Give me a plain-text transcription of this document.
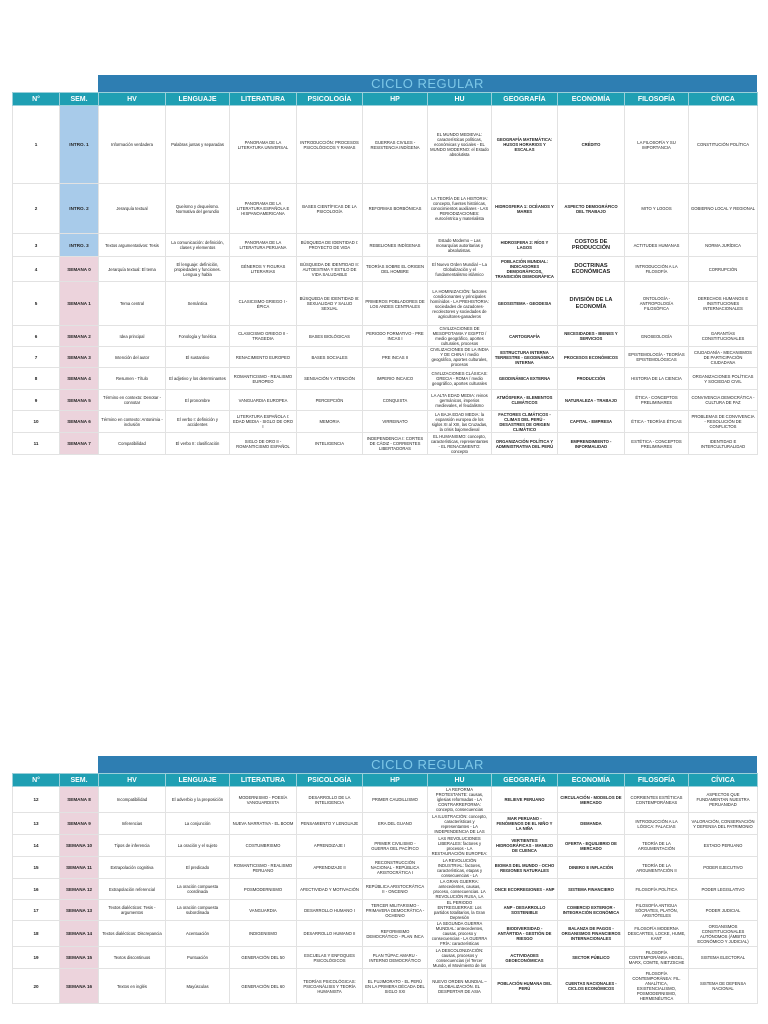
CICLO REGULAR
N°	SEM.	HV	LENGUAJE	LITERATURA	PSICOLOGÍA	HP	HU	GEOGRAFÍA	ECONOMÍA	FILOSOFÍA	CÍVICA
1	INTRO. 1	Información verdadera	Palabras juntas y separadas	PANORAMA DE LA LITERATURA UNIVERSAL	INTRODUCCIÓN: PROCESOS PSICOLÓGICOS Y RAMAS	GUERRAS CIVILES - RESISTENCIA INDÍGENA	EL MUNDO MEDIEVAL: características políticas, económicas y sociales - EL MUNDO MODERNO: el Estado absolutista	GEOGRAFÍA MATEMÁTICA: HUSOS HORARIOS Y ESCALAS	CRÉDITO	LA FILOSOFÍA Y SU IMPORTANCIA	CONSTITUCIÓN POLÍTICA
2	INTRO. 2	Jerarquía textual	Queísmo y dequeísmo. Normativa del gerundio	PANORAMA DE LA LITERATURA ESPAÑOLA E HISPANOAMERICANA	BASES CIENTÍFICAS DE LA PSICOLOGÍA	REFORMAS BORBÓNICAS	LA TEORÍA DE LA HISTORIA: concepto, fuentes históricas, conocimientos auxiliares - LAS PERIODIZACIONES: eurocéntrica y materialista	HIDROSFERA 1: OCÉANOS Y MARES	ASPECTO DEMOGRÁFICO DEL TRABAJO	MITO Y LOGOS	GOBIERNO LOCAL Y REGIONAL
3	INTRO. 3	Textos argumentativos: Tesis	La comunicación: definición, clases y elementos	PANORAMA DE LA LITERATURA PERUANA	BÚSQUEDA DE IDENTIDAD I: PROYECTO DE VIDA	REBELIONES INDÍGENAS	Estado Moderno – Las monarquías autoritarias y absolutistas.	HIDROSFERA 2: RÍOS Y LAGOS	COSTOS DE PRODUCCIÓN	ACTITUDES HUMANAS	NORMA JURÍDICA
4	SEMANA 0	Jerarquía textual: El tema	El lenguaje: definición, propiedades y funciones. Lengua y habla	GÉNEROS Y FIGURAS LITERARIAS	BÚSQUEDA DE IDENTIDAD II: AUTOESTIMA Y ESTILO DE VIDA SALUDABLE	TEORÍAS SOBRE EL ORIGEN DEL HOMBRE	El Nuevo Orden Mundial – La Globalización y el fundamentalismo islámico	POBLACIÓN MUNDIAL: INDICADORES DEMOGRÁFICOS, TRANSICIÓN DEMOGRÁFICA	DOCTRINAS ECONÓMICAS	INTRODUCCIÓN A LA FILOSOFÍA	CORRUPCIÓN
5	SEMANA 1	Tema central	Semántica	CLASICISMO GRIEGO I - ÉPICA	BÚSQUEDA DE IDENTIDAD III: SEXUALIDAD Y SALUD SEXUAL	PRIMEROS POBLADORES DE LOS ANDES CENTRALES	LA HOMINIZACIÓN: factores condicionantes y principales homínidos - LA PREHISTORIA: sociedades de cazadores-recolectores y sociedades de agricultores-ganaderos	GEOSISTEMA - GEODESIA	DIVISIÓN DE LA ECONOMÍA	ONTOLOGÍA - ANTROPOLOGÍA FILOSÓFICA	DERECHOS HUMANOS E INSTITUCIONES INTERNACIONALES
6	SEMANA 2	Idea principal	Fonología y fonética	CLASICISMO GRIEGO II - TRAGEDIA	BASES BIOLÓGICAS	PERIODO FORMATIVO - PRE INCAS I	CIVILIZACIONES DE MESOPOTAMIA Y EGIPTO / medio geográfico, aportes culturales, procesos	CARTOGRAFÍA	NECESIDADES - BIENES Y SERVICIOS	GNOSEOLOGÍA	GARANTÍAS CONSTITUCIONALES
7	SEMANA 3	Intención del autor	El sustantivo	RENACIMIENTO EUROPEO	BASES SOCIALES	PRE INCAS II	CIVILIZACIONES DE LA INDIA Y DE CHINA / medio geográfico, aportes culturales, procesos	ESTRUCTURA INTERNA TERRESTRE - GEODINÁMICA INTERNA	PROCESOS ECONÓMICOS	EPISTEMOLOGÍA - TEORÍAS EPISTEMOLÓGICAS	CIUDADANÍA - MECANISMOS DE PARTICIPACIÓN CIUDADANA
8	SEMANA 4	Resumen - Título	El adjetivo y los determinantes	ROMANTICISMO - REALISMO EUROPEO	SENSACIÓN Y ATENCIÓN	IMPERIO INCAICO	CIVILIZACIONES CLÁSICAS: GRECIA - ROMA / medio geográfico, aportes culturales	GEODINÁMICA EXTERNA	PRODUCCIÓN	HISTORIA DE LA CIENCIA	ORGANIZACIONES POLÍTICAS Y SOCIEDAD CIVIL
9	SEMANA 5	Término en contexto: Denotar - connotar	El pronombre	VANGUARDIA EUROPEA	PERCEPCIÓN	CONQUISTA	LA ALTA EDAD MEDIA: reinos germánicos, imperios medievales, el feudalismo	ATMÓSFERA - ELEMENTOS CLIMÁTICOS	NATURALEZA - TRABAJO	ÉTICA - CONCEPTOS PRELIMINARES	CONVIVENCIA DEMOCRÁTICA - CULTURA DE PAZ
10	SEMANA 6	Término en contexto: Antonimia - inclusión	El verbo I: definición y accidentes	LITERATURA ESPAÑOLA I: EDAD MEDIA - SIGLO DE ORO I	MEMORIA	VIRREINATO	LA BAJA EDAD MEDIA: la expansión europea de los siglos XI al XIII, las Cruzadas, la crisis bajomedieval	FACTORES CLIMÁTICOS - CLIMAS DEL PERÚ - DESASTRES DE ORIGEN CLIMÁTICO	CAPITAL - EMPRESA	ÉTICA - TEORÍAS ÉTICAS	PROBLEMAS DE CONVIVENCIA - RESOLUCIÓN DE CONFLICTOS
11	SEMANA 7	Compatibilidad	El verbo II: clasificación	SIGLO DE ORO II - ROMANTICISMO ESPAÑOL	INTELIGENCIA	INDEPENDENCIA I: CORTES DE CÁDIZ - CORRIENTES LIBERTADORAS	EL HUMANISMO: concepto, características, representantes - EL RENACIMIENTO: concepto	ORGANIZACIÓN POLÍTICA Y ADMINISTRATIVA DEL PERÚ	EMPRENDIMIENTO - INFORMALIDAD	ESTÉTICA - CONCEPTOS PRELIMINARES	IDENTIDAD E INTERCULTURALIDAD
CICLO REGULAR
N°	SEM.	HV	LENGUAJE	LITERATURA	PSICOLOGÍA	HP	HU	GEOGRAFÍA	ECONOMÍA	FILOSOFÍA	CÍVICA
12	SEMANA 8	Incompatibilidad	El adverbio y la preposición	MODERNISMO - POESÍA VANGUARDISTA	DESARROLLO DE LA INTELIGENCIA	PRIMER CAUDILLISMO	LA REFORMA PROTESTANTE: causas, iglesias reformadas - LA CONTRARREFORMA: concepto, consecuencias	RELIEVE PERUANO	CIRCULACIÓN - MODELOS DE MERCADO	CORRIENTES ESTÉTICAS CONTEMPORÁNEAS	ASPECTOS QUE FUNDAMENTAN NUESTRA PERUANIDAD
13	SEMANA 9	Inferencias	La conjunción	NUEVA NARRATIVA - EL BOOM	PENSAMIENTO Y LENGUAJE	ERA DEL GUANO	LA ILUSTRACIÓN: concepto, características y representantes - LA INDEPENDENCIA DE LAS	MAR PERUANO - FENÓMENOS DE EL NIÑO Y LA NIÑA	DEMANDA	INTRODUCCIÓN A LA LÓGICA: FALACIAS	VALORACIÓN, CONSERVACIÓN Y DEFENSA DEL PATRIMONIO
14	SEMANA 10	Tipos de inferencia	La oración y el sujeto	COSTUMBRISMO	APRENDIZAJE I	PRIMER CIVILISMO - GUERRA DEL PACÍFICO	LAS REVOLUCIONES LIBERALES: factores y procesos - LA RESTAURACIÓN EUROPEA:	VERTIENTES HIDROGRÁFICAS - MANEJO DE CUENCA	OFERTA - EQUILIBRIO DE MERCADO	TEORÍA DE LA ARGUMENTACIÓN	ESTADO PERUANO
15	SEMANA 11	Extrapolación cognitiva	El predicado	ROMANTICISMO - REALISMO PERUANO	APRENDIZAJE II	RECONSTRUCCIÓN NACIONAL - REPÚBLICA ARISTOCRÁTICA I	LA REVOLUCIÓN INDUSTRIAL: factores, características, etapas y consecuencias - LA	BIOMAS DEL MUNDO - OCHO REGIONES NATURALES	DINERO E INFLACIÓN	TEORÍA DE LA ARGUMENTACIÓN II	PODER EJECUTIVO
16	SEMANA 12	Extrapolación referencial	La oración compuesta coordinada	POSMODERNISMO	AFECTIVIDAD Y MOTIVACIÓN	REPÚBLICA ARISTOCRÁTICA II - ONCENIO	LA GRAN GUERRA: antecedentes, causas, proceso, consecuencias. LA REVOLUCIÓN RUSA, LA	ONCE ECORREGIONES - ANP	SISTEMA FINANCIERO	FILOSOFÍA POLÍTICA	PODER LEGISLATIVO
17	SEMANA 13	Textos dialécticos: Tesis - argumentos	La oración compuesta subordinada	VANGUARDIA	DESARROLLO HUMANO I	TERCER MILITARISMO - PRIMAVERA DEMOCRÁTICA - OCHENIO	EL PERIODO ENTREGUERRAS: Los partidos totalitarios, la Gran Depresión	ANP - DESARROLLO SOSTENIBLE	COMERCIO EXTERIOR - INTEGRACIÓN ECONÓMICA	FILOSOFÍA ANTIGUA SÓCRATES, PLATÓN, ARISTÓTELES	PODER JUDICIAL
18	SEMANA 14	Textos dialécticos: Discrepancia	Acentuación	INDIGENISMO	DESARROLLO HUMANO II	REFORMISMO DEMOCRÁTICO - PLAN INCA	LA SEGUNDA GUERRA MUNDIAL: antecedentes, causas, proceso y consecuencias - LA GUERRA FRÍA: características	BIODIVERSIDAD - ANTÁRTIDA - GESTIÓN DE RIESGO	BALANZA DE PAGOS - ORGANISMOS FINANCIEROS INTERNACIONALES	FILOSOFÍA MODERNA DESCARTES, LOCKE, HUME, KANT	ORGANISMOS CONSTITUCIONALES AUTÓNOMOS (ÁMBITO ECONÓMICO Y JUDICIAL)
19	SEMANA 15	Textos discontinuos	Puntuación	GENERACIÓN DEL 50	ESCUELAS Y ENFOQUES PSICOLÓGICOS	PLAN TÚPAC AMARU - INTERNO DEMOCRÁTICO	LA DESCOLONIZACIÓN: causas, procesos y consecuencias (el Tercer Mundo, el Movimiento de los	ACTIVIDADES GEOECONÓMICAS	SECTOR PÚBLICO	FILOSOFÍA CONTEMPORÁNEA HEGEL, MARX, COMTE, NIETZSCHE	SISTEMA ELECTORAL
20	SEMANA 16	Textos en inglés	Mayúsculas	GENERACIÓN DEL 60	TEORÍAS PSICOLÓGICAS: PSICOANÁLISIS Y TEORÍA HUMANISTA	EL FUJIMORATO - EL PERÚ EN LA PRIMERA DÉCADA DEL SIGLO XXI	NUEVO ORDEN MUNDIAL – GLOBALIZACIÓN. EL DESPERTAR DE ASIA	POBLACIÓN HUMANA DEL PERÚ	CUENTAS NACIONALES - CICLOS ECONÓMICOS	FILOSOFÍA CONTEMPORÁNEA: FIL. ANALÍTICA, EXISTENCIALISMO, POSMODERNISMO, HERMENÉUTICA	SISTEMA DE DEFENSA NACIONAL
